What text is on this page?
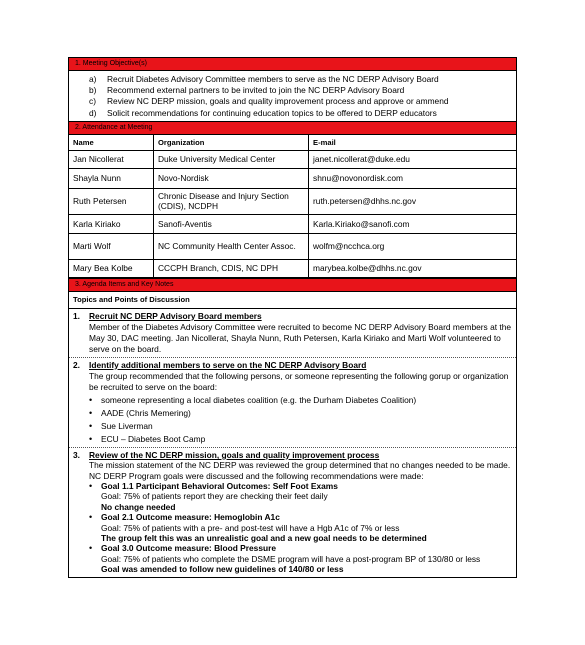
1. Meeting Objective(s)
a)	Recruit Diabetes Advisory Committee members to serve as the NC DERP Advisory Board
b)	Recommend external partners to be invited to join the NC DERP Advisory Board
c)	Review NC DERP mission, goals and quality improvement process and approve or ammend
d)	Solicit recommendations for continuing education topics to be offered to DERP educators
2. Attendance at Meeting
Name	Organization	E-mail
Jan Nicollerat	Duke University Medical Center	janet.nicollerat@duke.edu
Shayla Nunn	Novo-Nordisk	shnu@novonordisk.com
Ruth Petersen	Chronic Disease and Injury Section (CDIS), NCDPH	ruth.petersen@dhhs.nc.gov
Karla Kiriako	Sanofi-Aventis	Karla.Kiriako@sanofi.com
Marti Wolf	NC Community Health Center Assoc.	wolfm@ncchca.org
Mary Bea Kolbe	CCCPH Branch, CDIS, NC DPH	marybea.kolbe@dhhs.nc.gov
3. Agenda Items and Key Notes
Topics and Points of Discussion
1.	Recruit NC DERP Advisory Board members
Member of the Diabetes Advisory Committee were recruited to become NC DERP Advisory Board members at the May 30, DAC meeting. Jan Nicollerat, Shayla Nunn, Ruth Petersen, Karla Kiriako and Marti Wolf volunteered to serve on the board.
2.	Identify additional members to serve on the NC DERP Advisory Board
The group recommended that the following persons, or someone representing the following gorup or organization be recruited to serve on the board:
•	someone representing a local diabetes coalition (e.g. the Durham Diabetes Coalition)
•	AADE (Chris Memering)
•	Sue Liverman
•	ECU – Diabetes Boot Camp
3.	Review of the NC DERP mission, goals and quality improvement process
The mission statement of the NC DERP was reviewed the group determined that no changes needed to be made.
NC DERP Program goals were discussed and the following recommendations were made:
•	Goal 1.1 Participant Behavioral Outcomes: Self Foot Exams
Goal: 75% of patients report they are checking their feet daily
No change needed
•	Goal 2.1 Outcome measure: Hemoglobin A1c
Goal: 75% of patients with a pre- and post-test will have a Hgb A1c of 7% or less
The group felt this was an unrealistic goal and a new goal needs to be determined
•	Goal 3.0 Outcome measure: Blood Pressure
Goal: 75% of patients who complete the DSME program will have a post-program BP of 130/80 or less
Goal was amended to follow new guidelines of 140/80 or less
